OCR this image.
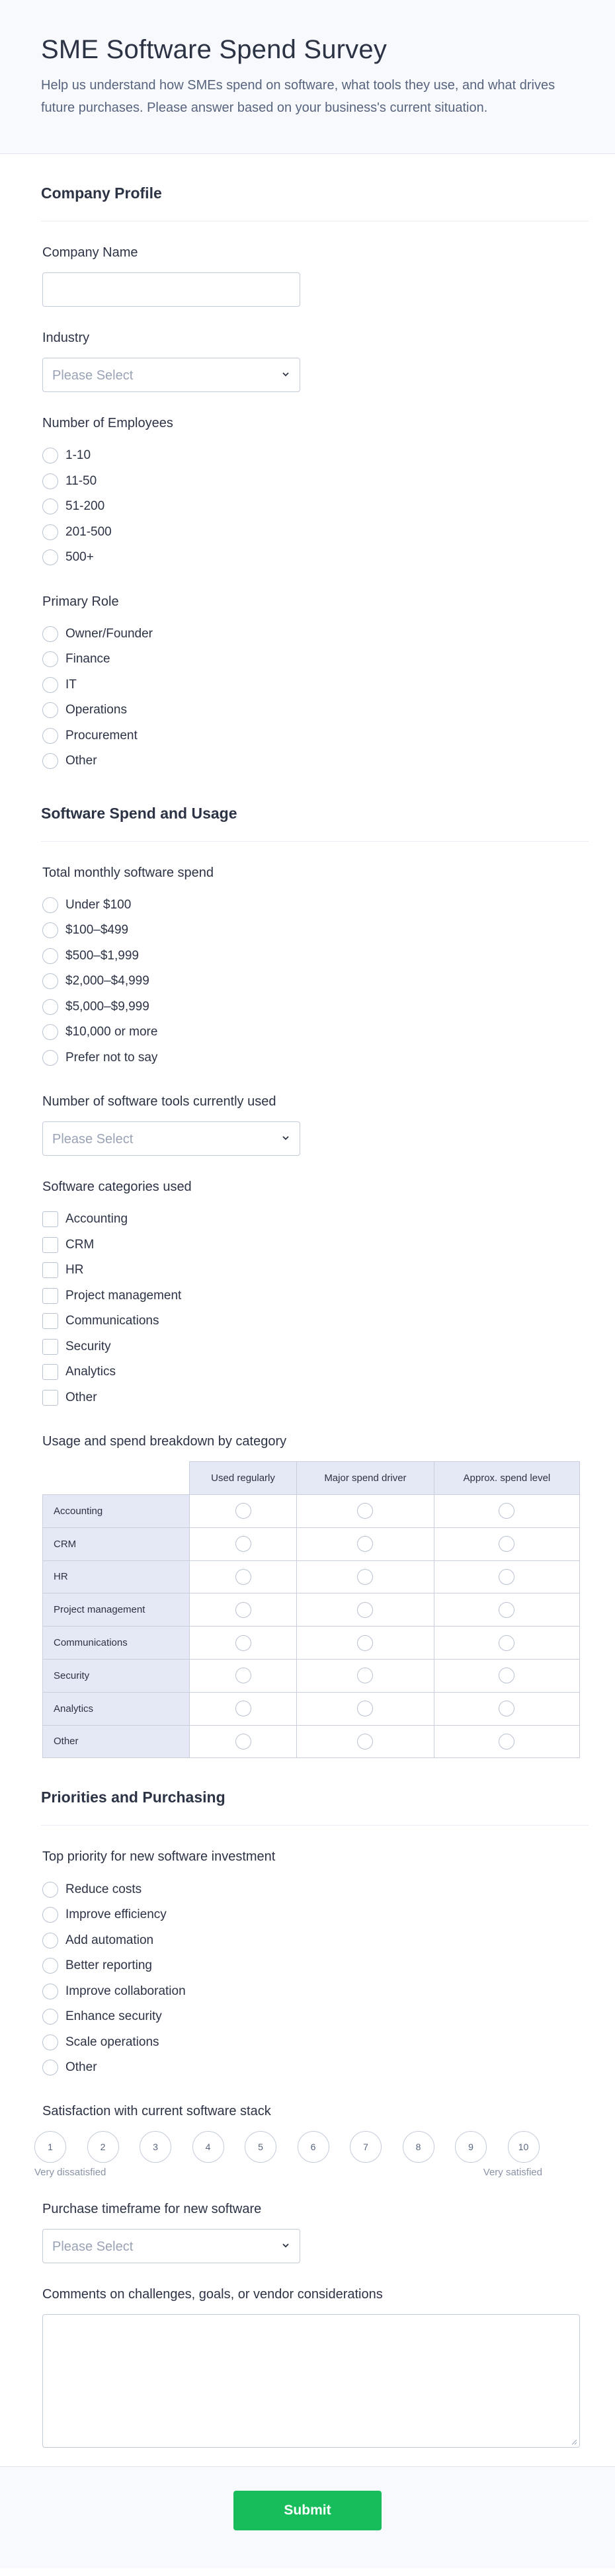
SME Software Spend Survey

Help us understand how SMEs spend on software, what tools they use, and what drives future purchases. Please answer based on your business's current situation.

Company Profile
Company Name
Industry
Please Select
Number of Employees
1-10
11-50
51-200
201-500
500+
Primary Role
Owner/Founder
Finance
IT
Operations
Procurement
Other
Software Spend and Usage
Total monthly software spend
Under $100
$100–$499
$500–$1,999
$2,000–$4,999
$5,000–$9,999
$10,000 or more
Prefer not to say
Number of software tools currently used
Please Select
Software categories used
Accounting
CRM
HR
Project management
Communications
Security
Analytics
Other
Usage and spend breakdown by category
	Used regularly	Major spend driver	Approx. spend level
Accounting			
CRM			
HR			
Project management			
Communications			
Security			
Analytics			
Other			
Priorities and Purchasing
Top priority for new software investment
Reduce costs
Improve efficiency
Add automation
Better reporting
Improve collaboration
Enhance security
Scale operations
Other
Satisfaction with current software stack
1	2	3	4	5	6	7	8	9	10
Very dissatisfied	Very satisfied
Purchase timeframe for new software
Please Select
Comments on challenges, goals, or vendor considerations
Submit
